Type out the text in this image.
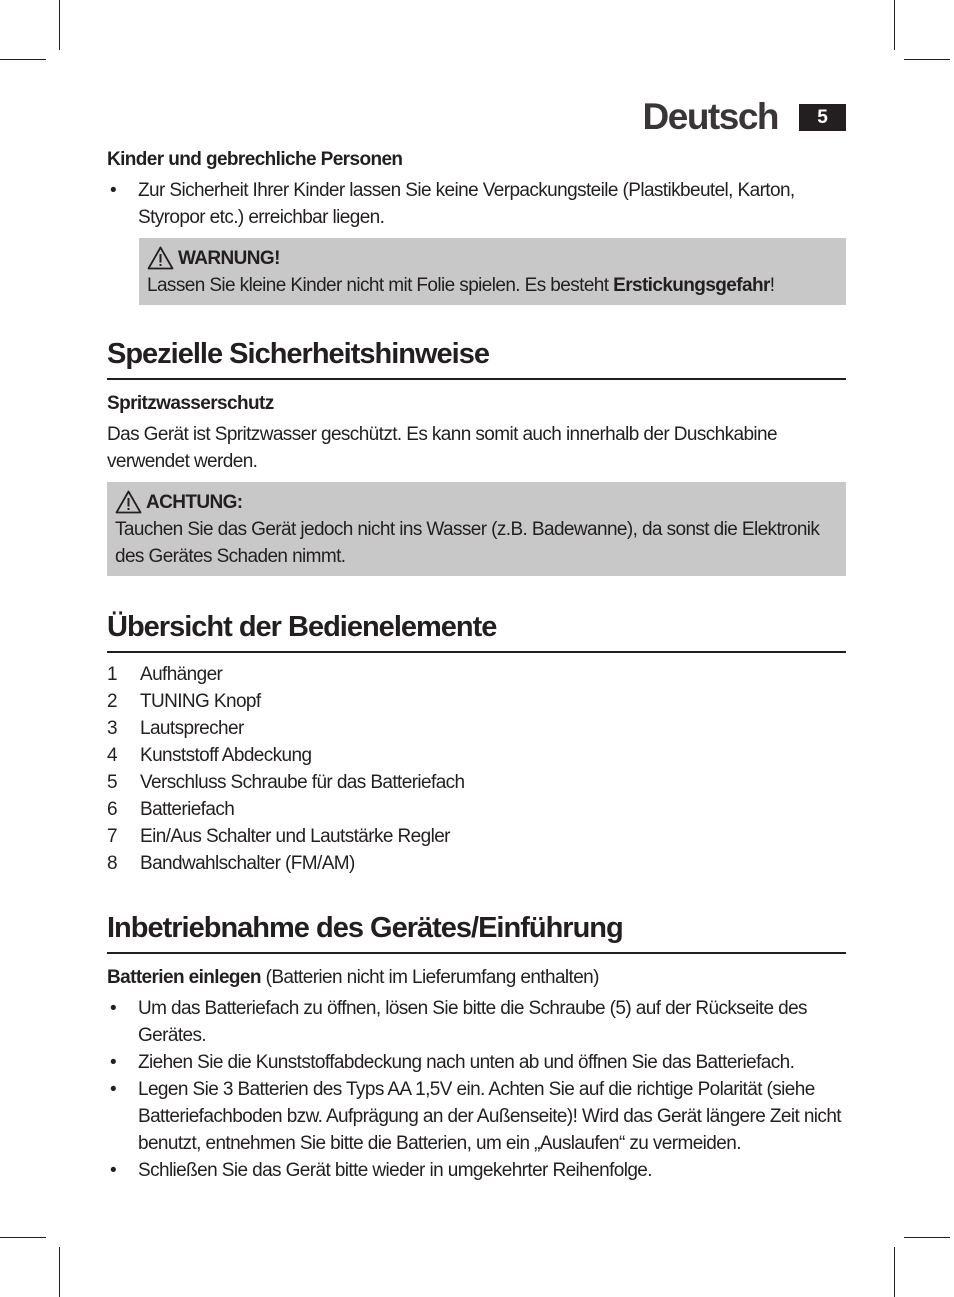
Deutsch	5

Kinder und gebrechliche Personen

• Zur Sicherheit Ihrer Kinder lassen Sie keine Verpackungsteile (Plastikbeutel, Karton, Styropor etc.) erreichbar liegen.
WARNUNG!
Lassen Sie kleine Kinder nicht mit Folie spielen. Es besteht Erstickungsgefahr!
Spezielle Sicherheitshinweise

Spritzwasserschutz

Das Gerät ist Spritzwasser geschützt. Es kann somit auch innerhalb der Duschkabine verwendet werden.

ACHTUNG:
Tauchen Sie das Gerät jedoch nicht ins Wasser (z.B. Badewanne), da sonst die Elektronik des Gerätes Schaden nimmt.
Übersicht der Bedienelemente
1	Aufhänger
2	TUNING Knopf
3	Lautsprecher
4	Kunststoff Abdeckung
5	Verschluss Schraube für das Batteriefach
6	Batteriefach
7	Ein/Aus Schalter und Lautstärke Regler
8	Bandwahlschalter (FM/AM)
Inbetriebnahme des Gerätes/Einführung

Batterien einlegen (Batterien nicht im Lieferumfang enthalten)

• Um das Batteriefach zu öffnen, lösen Sie bitte die Schraube (5) auf der Rückseite des Gerätes.
• Ziehen Sie die Kunststoffabdeckung nach unten ab und öffnen Sie das Batteriefach.
• Legen Sie 3 Batterien des Typs AA 1,5V ein. Achten Sie auf die richtige Polarität (siehe Batteriefachboden bzw. Aufprägung an der Außenseite)! Wird das Gerät längere Zeit nicht benutzt, entnehmen Sie bitte die Batterien, um ein „Auslaufen“ zu vermeiden.
• Schließen Sie das Gerät bitte wieder in umgekehrter Reihenfolge.
